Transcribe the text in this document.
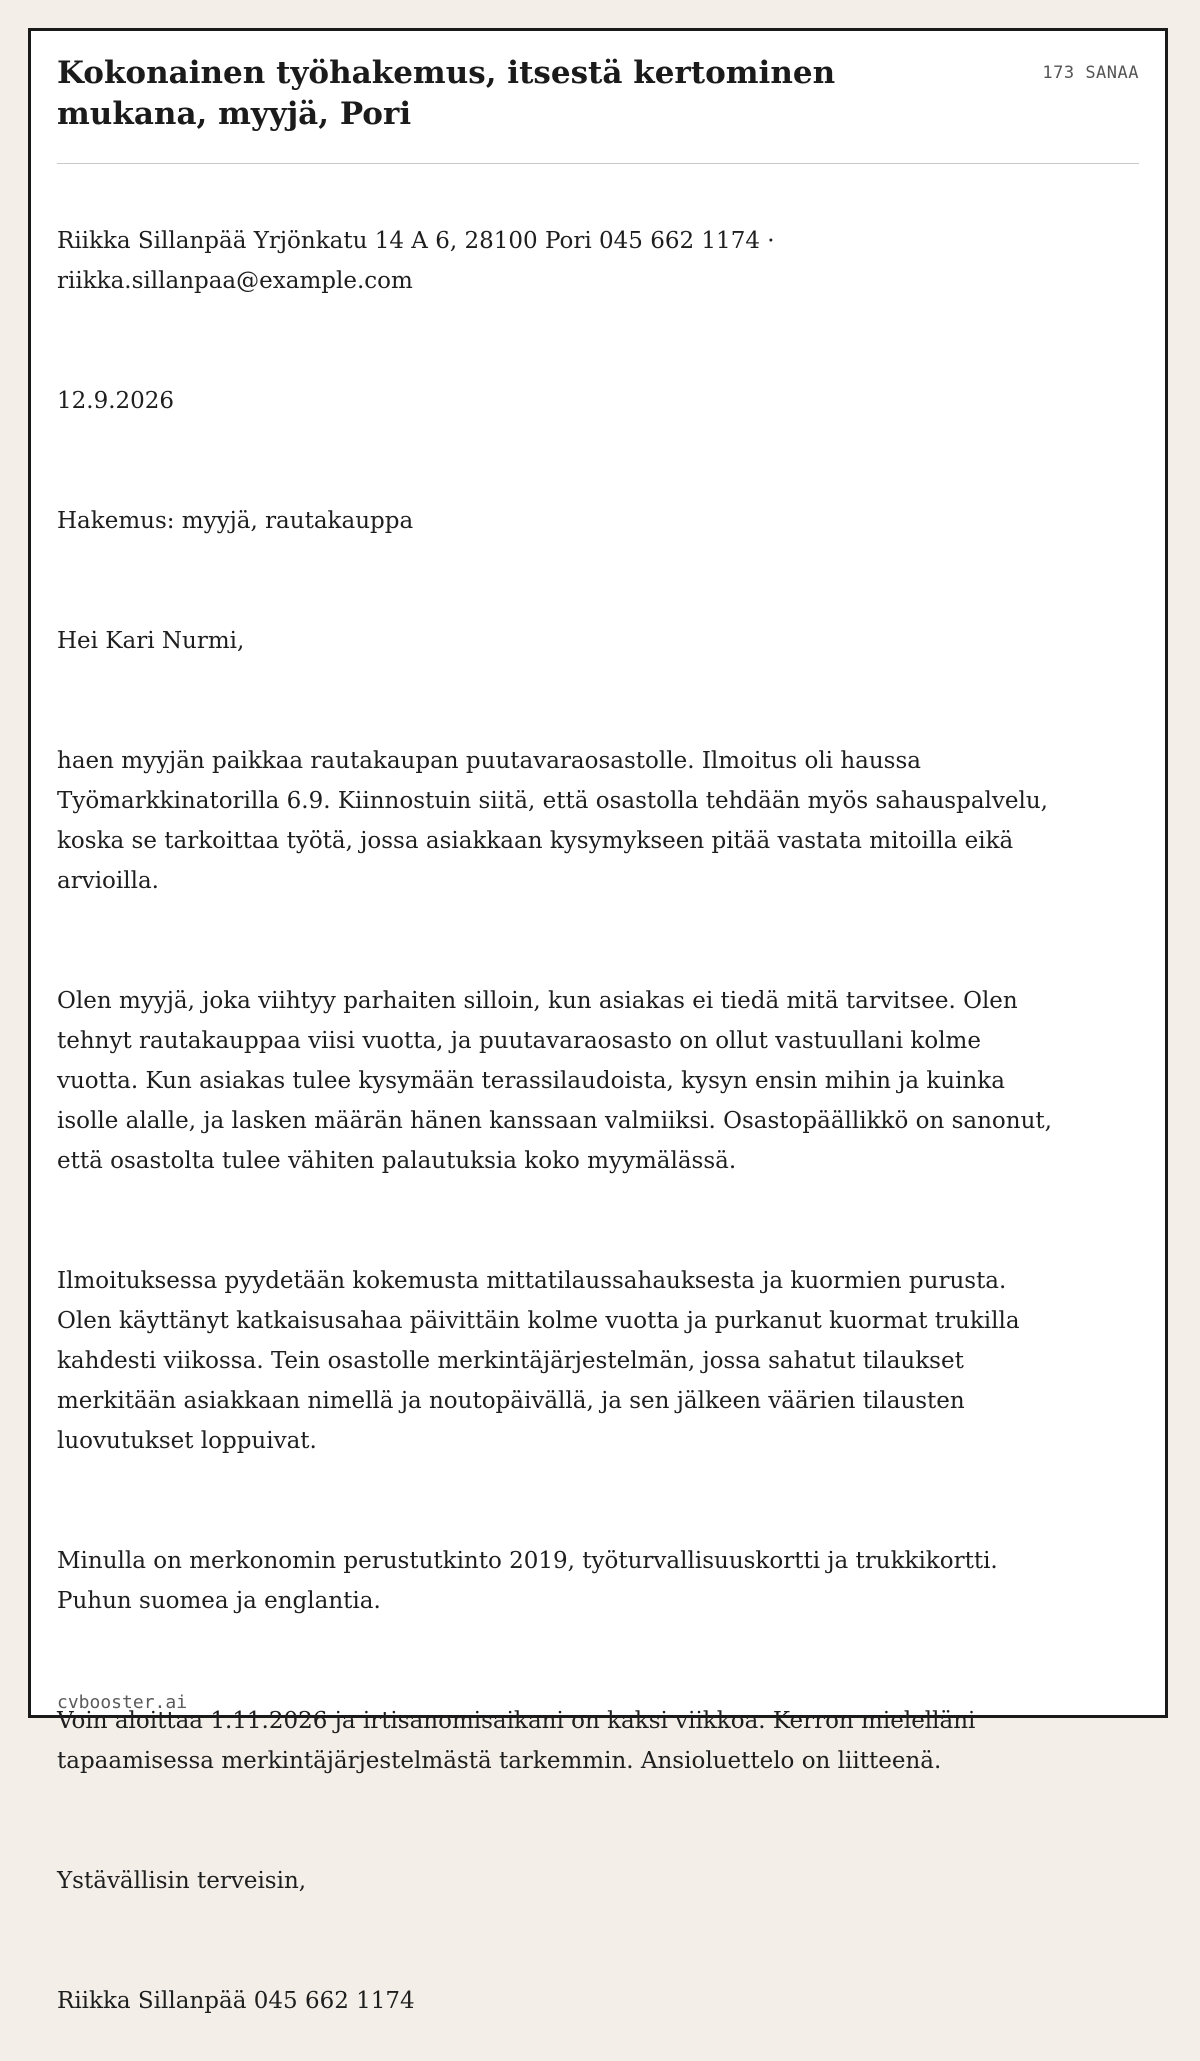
Kokonainen työhakemus, itsestä kertominen mukana, myyjä, Pori
173 SANAA

Riikka Sillanpää Yrjönkatu 14 A 6, 28100 Pori 045 662 1174 · riikka.sillanpaa@example.com

12.9.2026

Hakemus: myyjä, rautakauppa

Hei Kari Nurmi,

haen myyjän paikkaa rautakaupan puutavaraosastolle. Ilmoitus oli haussa Työmarkkinatorilla 6.9. Kiinnostuin siitä, että osastolla tehdään myös sahauspalvelu, koska se tarkoittaa työtä, jossa asiakkaan kysymykseen pitää vastata mitoilla eikä arvioilla.

Olen myyjä, joka viihtyy parhaiten silloin, kun asiakas ei tiedä mitä tarvitsee. Olen tehnyt rautakauppaa viisi vuotta, ja puutavaraosasto on ollut vastuullani kolme vuotta. Kun asiakas tulee kysymään terassilaudoista, kysyn ensin mihin ja kuinka isolle alalle, ja lasken määrän hänen kanssaan valmiiksi. Osastopäällikkö on sanonut, että osastolta tulee vähiten palautuksia koko myymälässä.

Ilmoituksessa pyydetään kokemusta mittatilaussahauksesta ja kuormien purusta. Olen käyttänyt katkaisusahaa päivittäin kolme vuotta ja purkanut kuormat trukilla kahdesti viikossa. Tein osastolle merkintäjärjestelmän, jossa sahatut tilaukset merkitään asiakkaan nimellä ja noutopäivällä, ja sen jälkeen väärien tilausten luovutukset loppuivat.

Minulla on merkonomin perustutkinto 2019, työturvallisuuskortti ja trukkikortti. Puhun suomea ja englantia.

Voin aloittaa 1.11.2026 ja irtisanomisaikani on kaksi viikkoa. Kerron mielelläni tapaamisessa merkintäjärjestelmästä tarkemmin. Ansioluettelo on liitteenä.

Ystävällisin terveisin,

Riikka Sillanpää 045 662 1174

cvbooster.ai
